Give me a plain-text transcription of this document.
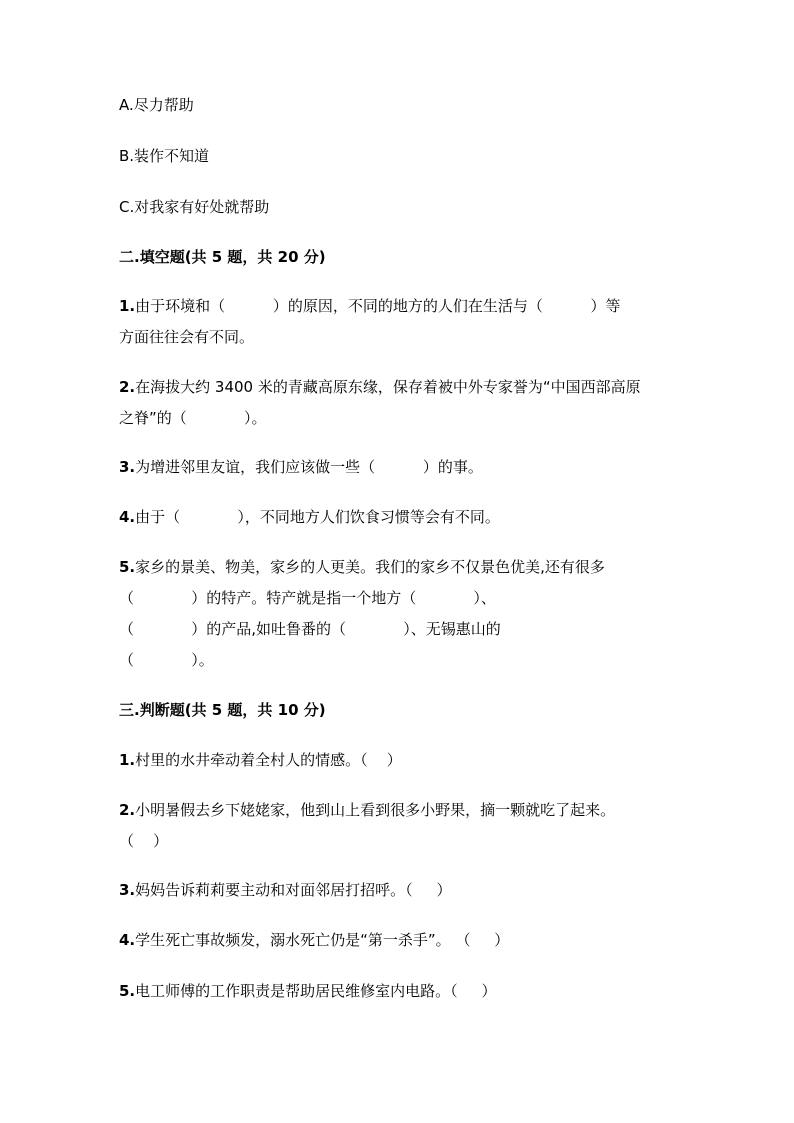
A.尽力帮助

B.装作不知道

C.对我家有好处就帮助

二.填空题(共 5 题，共 20 分)

1.由于环境和（          ）的原因，不同的地方的人们在生活与（          ）等

方面往往会有不同。

2.在海拔大约 3400 米的青藏高原东缘，保存着被中外专家誉为“中国西部高原

之脊”的（            ）。

3.为增进邻里友谊，我们应该做一些（          ）的事。

4.由于（            ），不同地方人们饮食习惯等会有不同。

5.家乡的景美、物美，家乡的人更美。我们的家乡不仅景色优美,还有很多

（            ）的特产。特产就是指一个地方（            ）、

（            ）的产品,如吐鲁番的（            ）、无锡惠山的

（            ）。

三.判断题(共 5 题，共 10 分)

1.村里的水井牵动着全村人的情感。（    ）

2.小明暑假去乡下姥姥家，他到山上看到很多小野果，摘一颗就吃了起来。

（    ）

3.妈妈告诉莉莉要主动和对面邻居打招呼。（     ）

4.学生死亡事故频发，溺水死亡仍是“第一杀手”。 （     ）

5.电工师傅的工作职责是帮助居民维修室内电路。（     ）
